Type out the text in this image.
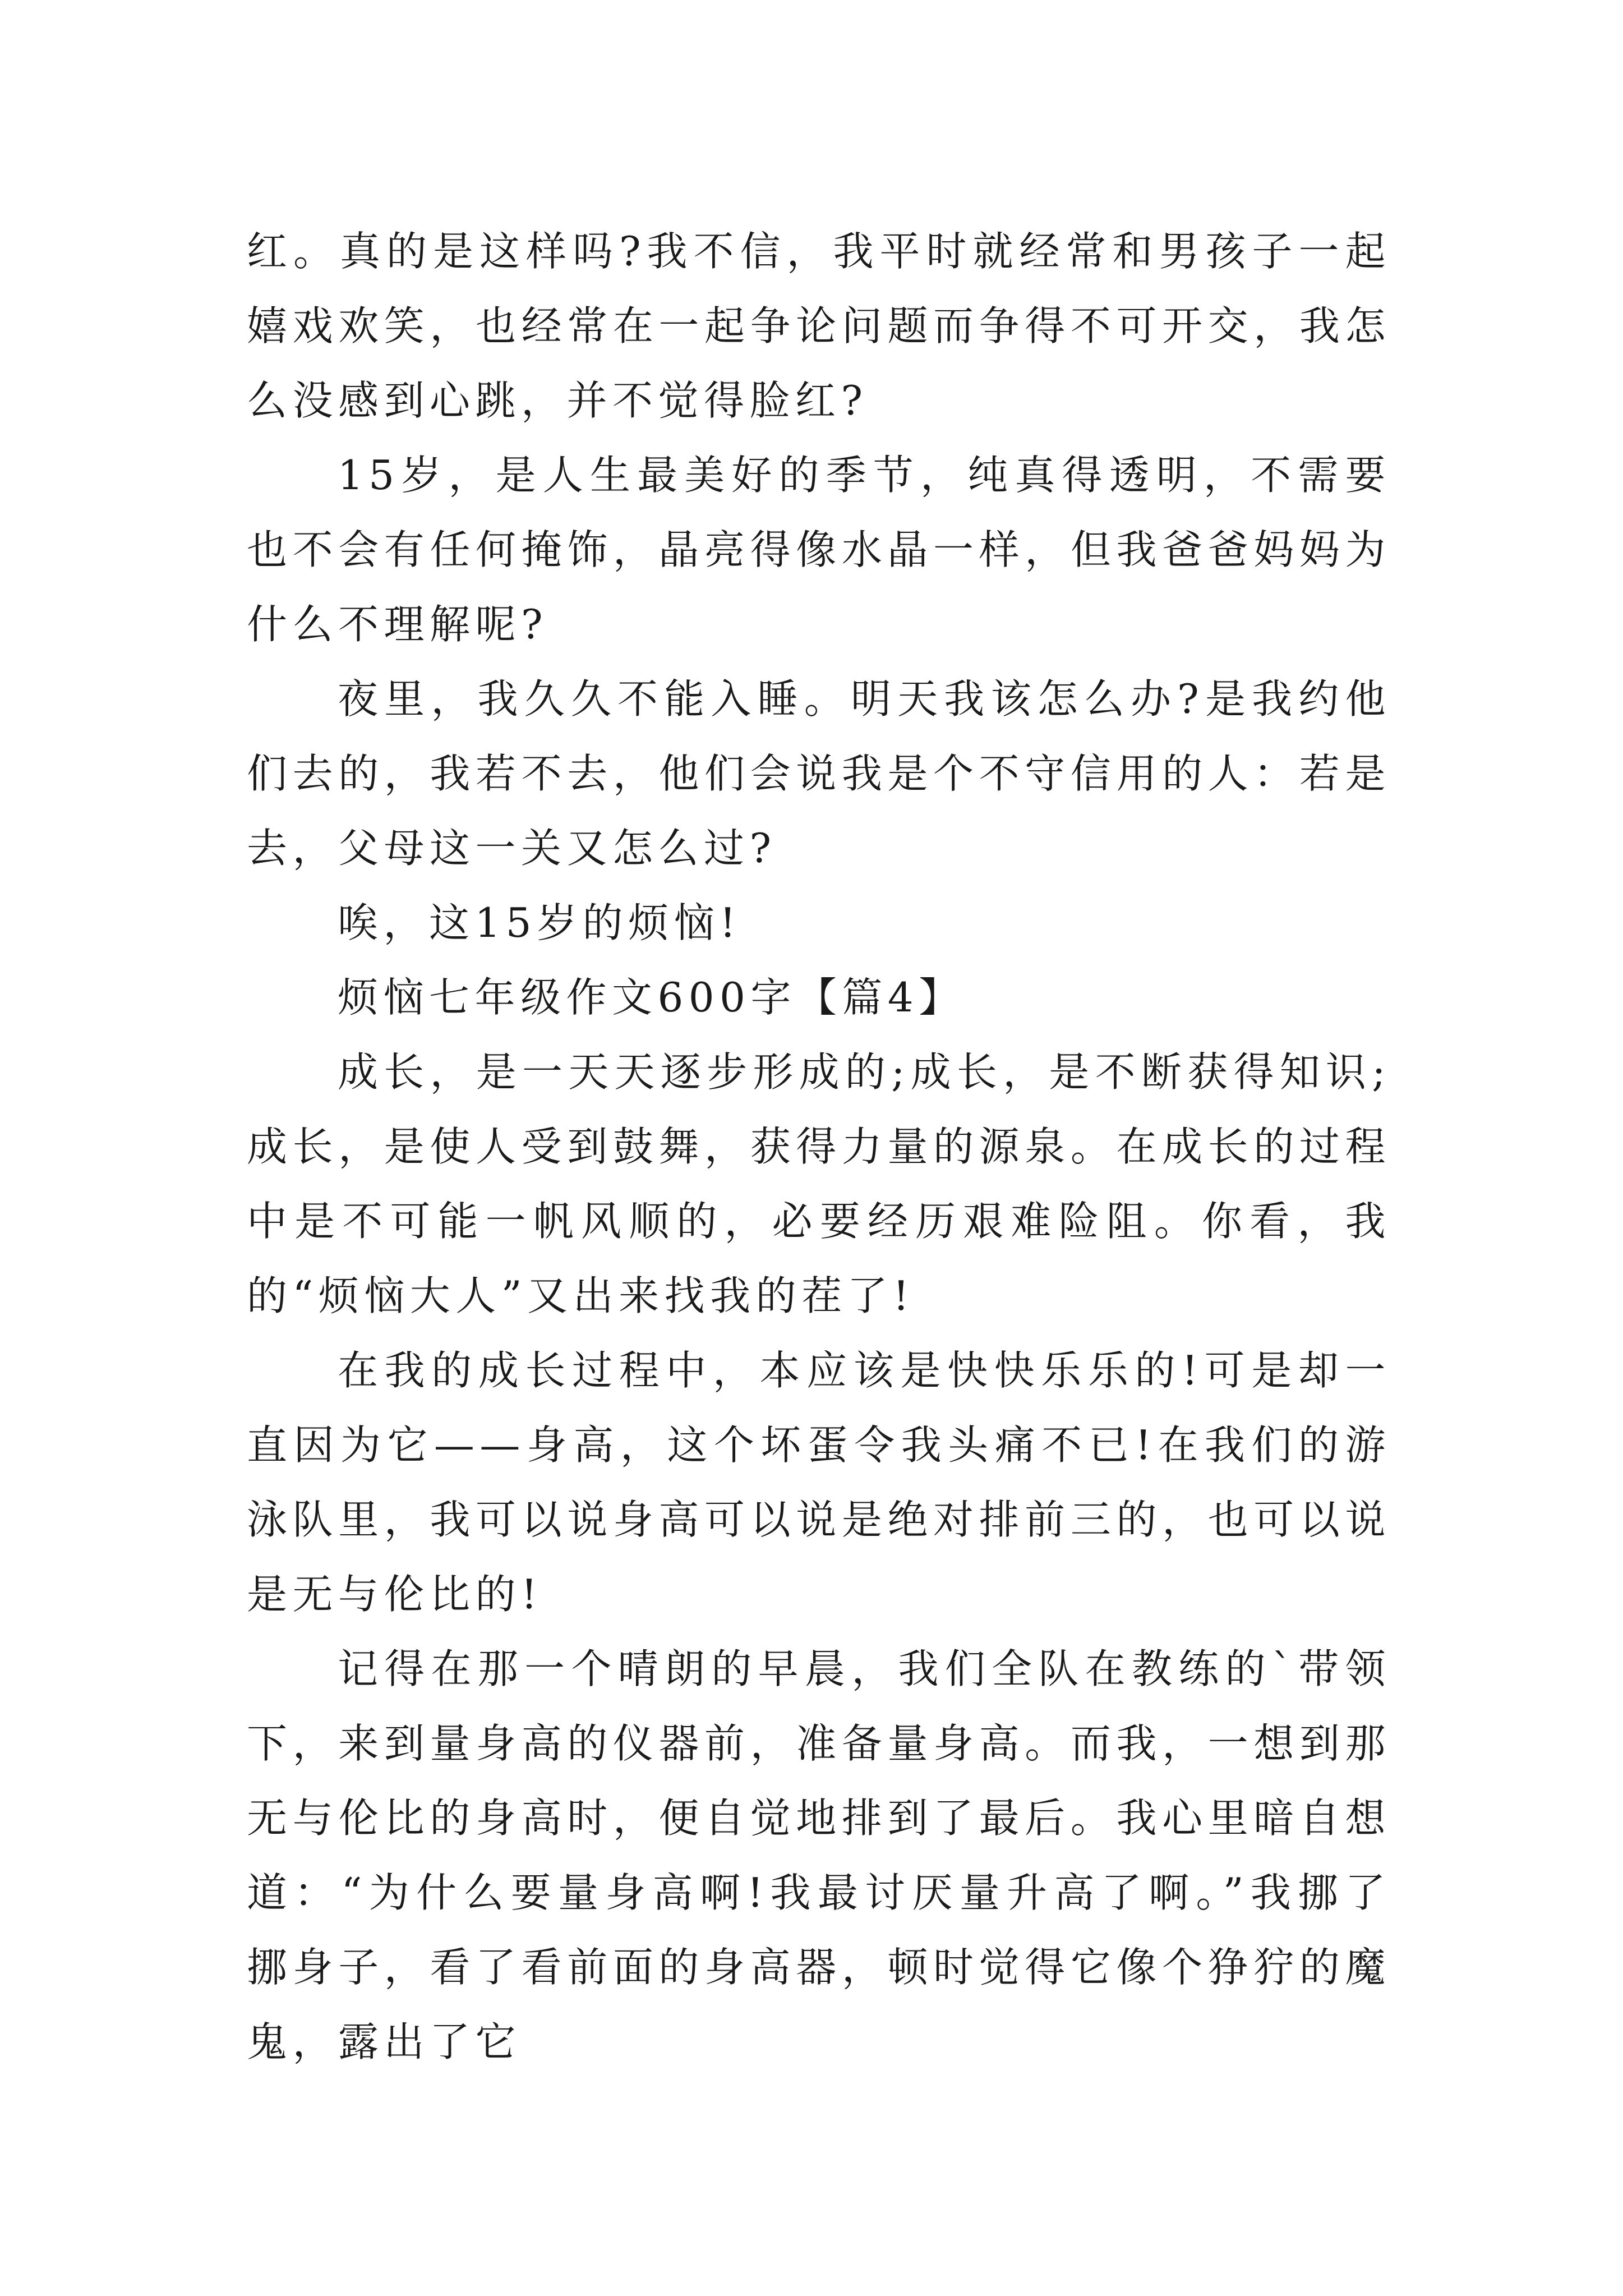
红。真的是这样吗?我不信，我平时就经常和男孩子一起嬉戏欢笑，也经常在一起争论问题而争得不可开交，我怎么没感到心跳，并不觉得脸红?

15岁，是人生最美好的季节，纯真得透明，不需要也不会有任何掩饰，晶亮得像水晶一样，但我爸爸妈妈为什么不理解呢?

夜里，我久久不能入睡。明天我该怎么办?是我约他们去的，我若不去，他们会说我是个不守信用的人：若是去，父母这一关又怎么过?

唉，这15岁的烦恼!

烦恼七年级作文600字【篇4】

成长，是一天天逐步形成的;成长，是不断获得知识;成长，是使人受到鼓舞，获得力量的源泉。在成长的过程中是不可能一帆风顺的，必要经历艰难险阻。你看，我的“烦恼大人”又出来找我的茬了!

在我的成长过程中，本应该是快快乐乐的!可是却一直因为它——身高，这个坏蛋令我头痛不已!在我们的游泳队里，我可以说身高可以说是绝对排前三的，也可以说是无与伦比的!

记得在那一个晴朗的早晨，我们全队在教练的`带领下，来到量身高的仪器前，准备量身高。而我，一想到那无与伦比的身高时，便自觉地排到了最后。我心里暗自想道：“为什么要量身高啊!我最讨厌量升高了啊。”我挪了挪身子，看了看前面的身高器，顿时觉得它像个狰狞的魔鬼，露出了它
